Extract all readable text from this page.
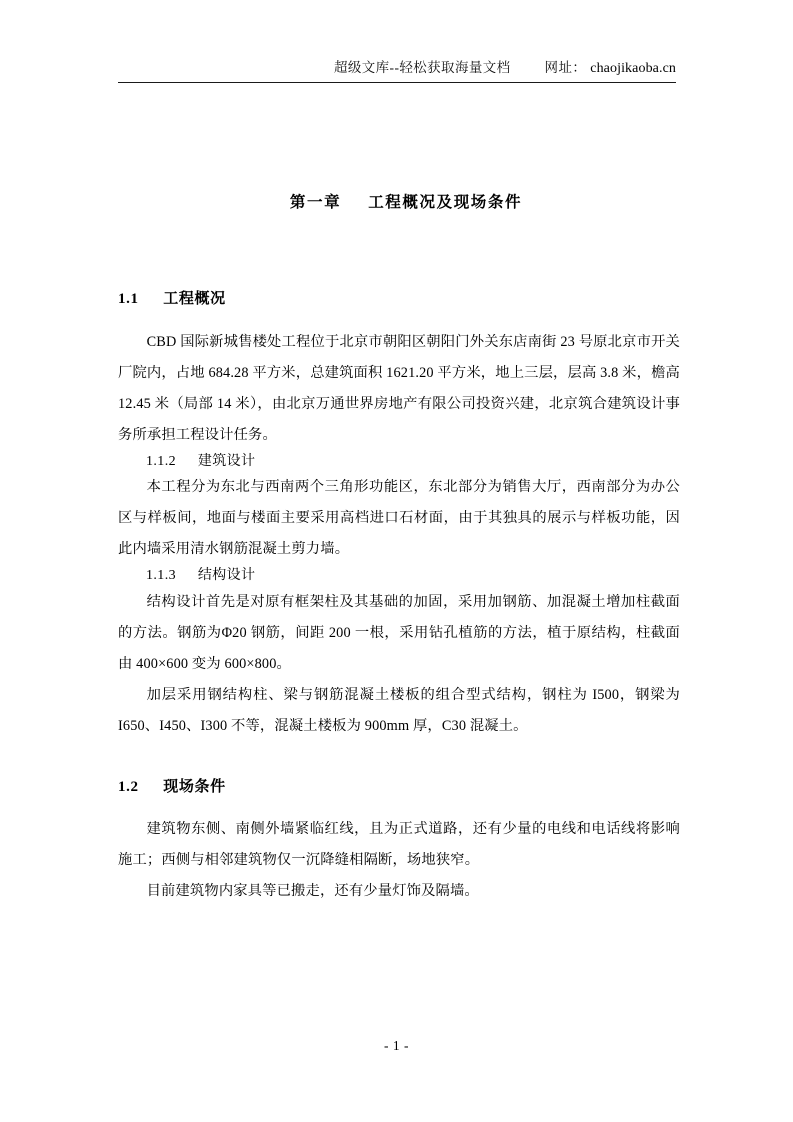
超级文库--轻松获取海量文档	网址： chaojikaoba.cn
第一章 工程概况及现场条件
1.1 工程概况

CBD 国际新城售楼处工程位于北京市朝阳区朝阳门外关东店南街 23 号原北京市开关厂院内，占地 684.28 平方米，总建筑面积 1621.20 平方米，地上三层，层高 3.8 米，檐高 12.45 米（局部 14 米），由北京万通世界房地产有限公司投资兴建，北京筑合建筑设计事务所承担工程设计任务。

1.1.2 建筑设计

本工程分为东北与西南两个三角形功能区，东北部分为销售大厅，西南部分为办公区与样板间，地面与楼面主要采用高档进口石材面，由于其独具的展示与样板功能，因此内墙采用清水钢筋混凝土剪力墙。

1.1.3 结构设计

结构设计首先是对原有框架柱及其基础的加固，采用加钢筋、加混凝土增加柱截面的方法。钢筋为Φ20 钢筋，间距 200 一根，采用钻孔植筋的方法，植于原结构，柱截面由 400×600 变为 600×800。

加层采用钢结构柱、梁与钢筋混凝土楼板的组合型式结构，钢柱为 I500，钢梁为 I650、I450、I300 不等，混凝土楼板为 900mm 厚，C30 混凝土。

1.2 现场条件

建筑物东侧、南侧外墙紧临红线，且为正式道路，还有少量的电线和电话线将影响施工；西侧与相邻建筑物仅一沉降缝相隔断，场地狭窄。

目前建筑物内家具等已搬走，还有少量灯饰及隔墙。

- 1 -
